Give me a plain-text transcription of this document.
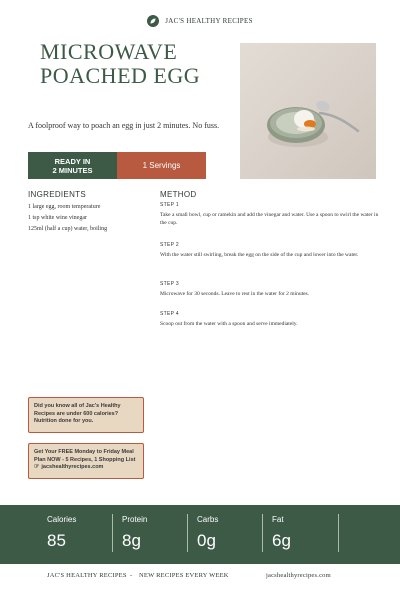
JAC'S HEALTHY RECIPES
MICROWAVE
POACHED EGG
A foolproof way to poach an egg in just 2 minutes. No fuss.
READY IN
2 MINUTES	1 Servings
INGREDIENTS
1 large egg, room temperature
1 tsp white wine vinegar
125ml (half a cup) water, boiling
METHOD
STEP 1
Take a small bowl, cup or ramekin and add the vinegar and water. Use a spoon to swirl the water in the cup.
STEP 2
With the water still swirling, break the egg on the side of the cup and lower into the water.
STEP 3
Microwave for 30 seconds. Leave to rest in the water for 2 minutes.
STEP 4
Scoop out from the water with a spoon and serve immediately.
Did you know all of Jac's Healthy Recipes are under 600 calories? Nutrition done for you.
Get Your FREE Monday to Friday Meal Plan NOW - 5 Recipes, 1 Shopping List
☞ jacshealthyrecipes.com
Calories
85
Protein
8g
Carbs
0g
Fat
6g
JAC'S HEALTHY RECIPES - NEW RECIPES EVERY WEEK	jacshealthyrecipes.com
